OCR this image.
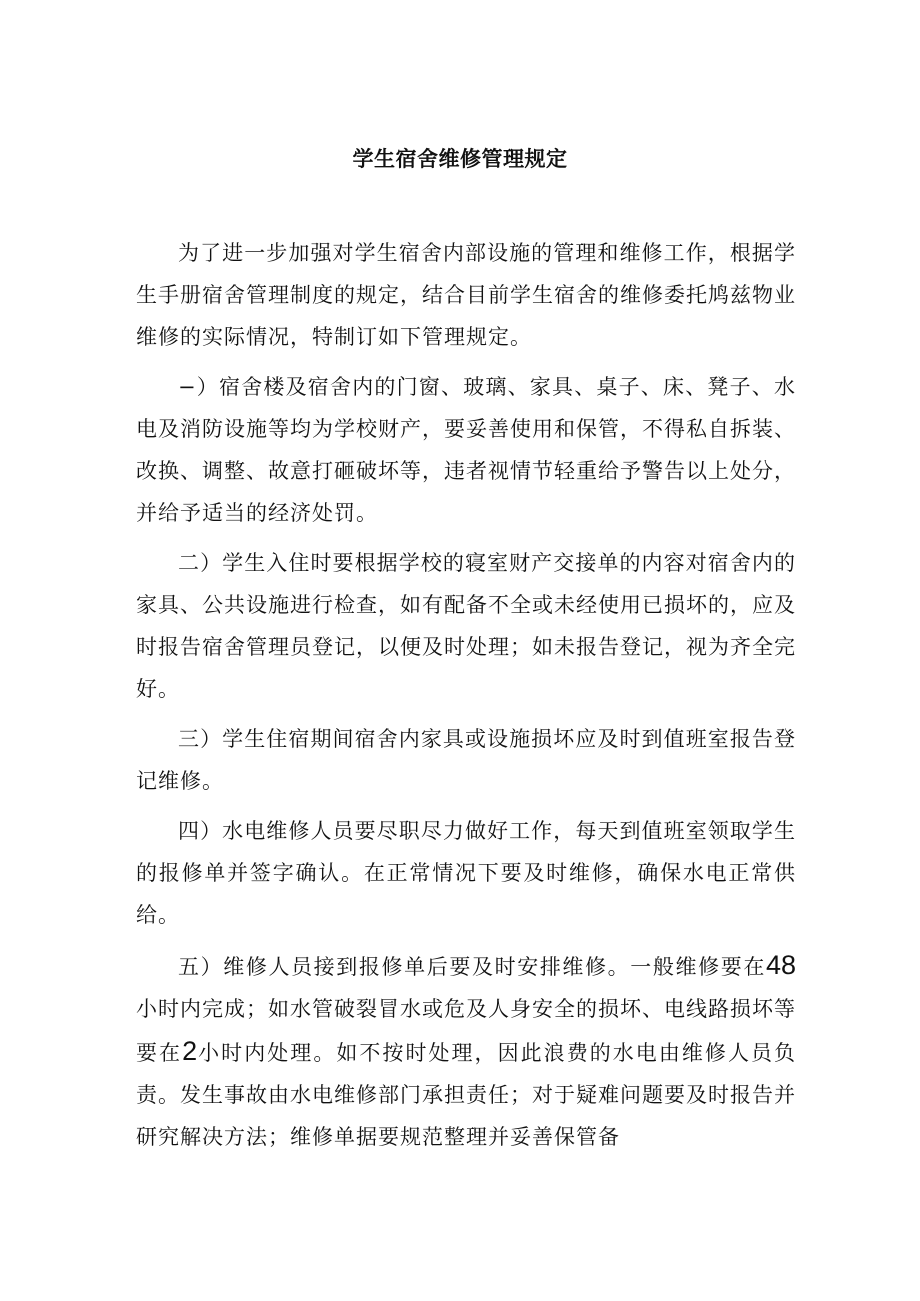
学生宿舍维修管理规定

为了进一步加强对学生宿舍内部设施的管理和维修工作，根据学生手册宿舍管理制度的规定，结合目前学生宿舍的维修委托鸠兹物业维修的实际情况，特制订如下管理规定。

−）宿舍楼及宿舍内的门窗、玻璃、家具、桌子、床、凳子、水电及消防设施等均为学校财产，要妥善使用和保管，不得私自拆装、改换、调整、故意打砸破坏等，违者视情节轻重给予警告以上处分，并给予适当的经济处罚。

二）学生入住时要根据学校的寝室财产交接单的内容对宿舍内的家具、公共设施进行检查，如有配备不全或未经使用已损坏的，应及时报告宿舍管理员登记，以便及时处理；如未报告登记，视为齐全完好。

三）学生住宿期间宿舍内家具或设施损坏应及时到值班室报告登记维修。

四）水电维修人员要尽职尽力做好工作，每天到值班室领取学生的报修单并签字确认。在正常情况下要及时维修，确保水电正常供给。

五）维修人员接到报修单后要及时安排维修。一般维修要在48小时内完成；如水管破裂冒水或危及人身安全的损坏、电线路损坏等要在2小时内处理。如不按时处理，因此浪费的水电由维修人员负责。发生事故由水电维修部门承担责任；对于疑难问题要及时报告并研究解决方法；维修单据要规范整理并妥善保管备
